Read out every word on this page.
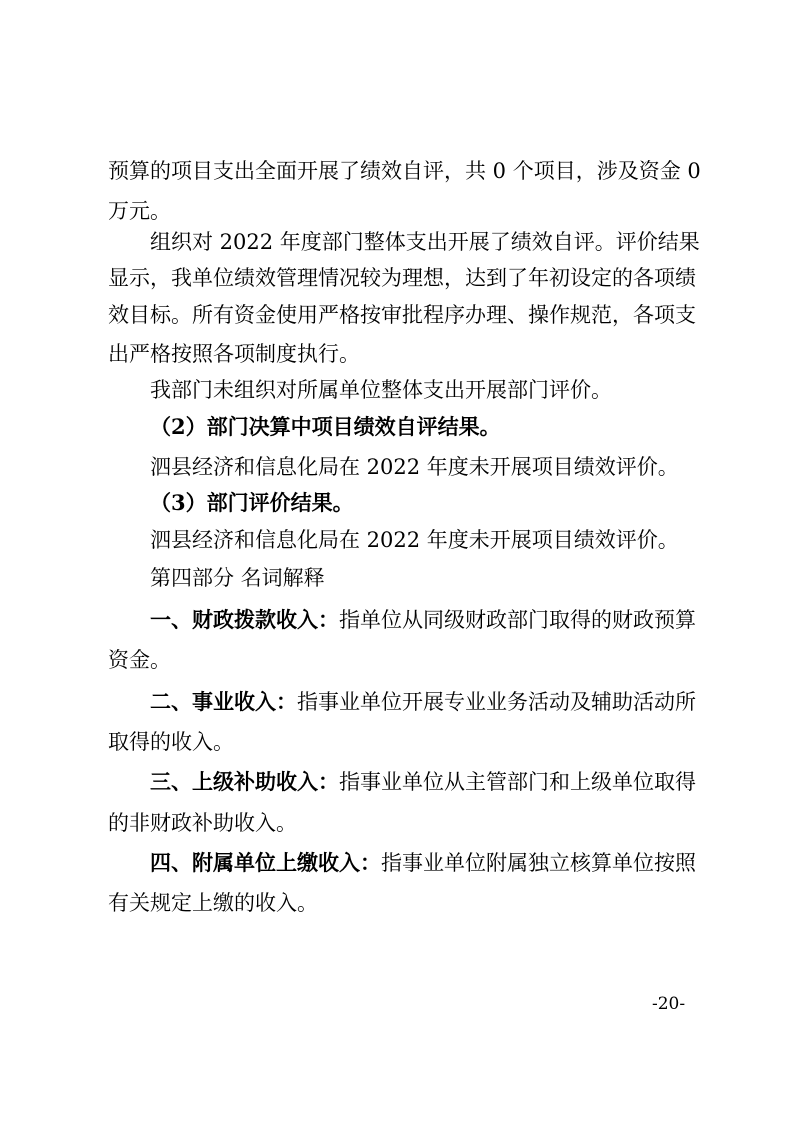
预算的项目支出全面开展了绩效自评，共 0 个项目，涉及资金 0
万元。
组织对 2022 年度部门整体支出开展了绩效自评。评价结果
显示，我单位绩效管理情况较为理想，达到了年初设定的各项绩
效目标。所有资金使用严格按审批程序办理、操作规范，各项支
出严格按照各项制度执行。
我部门未组织对所属单位整体支出开展部门评价。
（2）部门决算中项目绩效自评结果。
泗县经济和信息化局在 2022 年度未开展项目绩效评价。
（3）部门评价结果。
泗县经济和信息化局在 2022 年度未开展项目绩效评价。
第四部分 名词解释
一、财政拨款收入：指单位从同级财政部门取得的财政预算
资金。
二、事业收入：指事业单位开展专业业务活动及辅助活动所
取得的收入。
三、上级补助收入：指事业单位从主管部门和上级单位取得
的非财政补助收入。
四、附属单位上缴收入：指事业单位附属独立核算单位按照
有关规定上缴的收入。
-20-
